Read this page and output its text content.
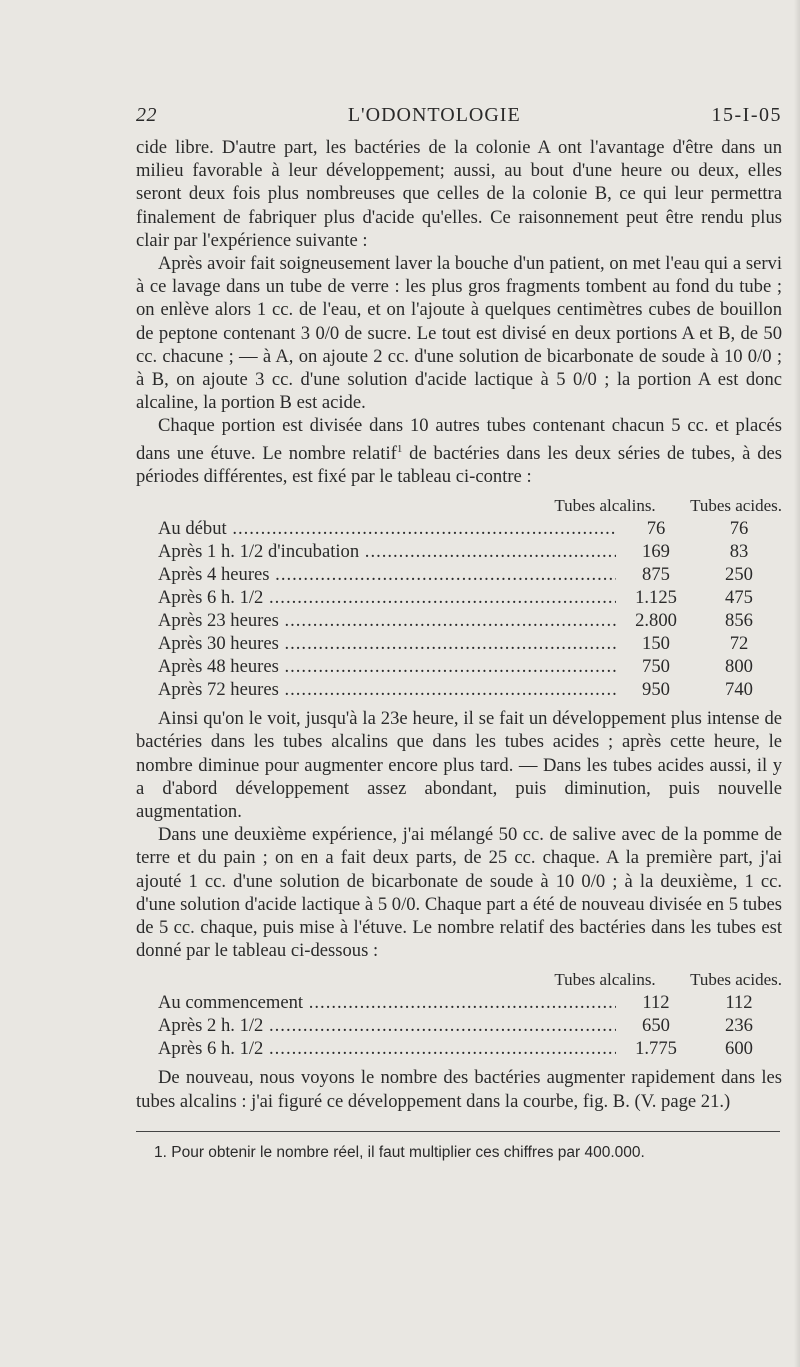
22	L'ODONTOLOGIE	15-I-05

cide libre. D'autre part, les bactéries de la colonie A ont l'avantage d'être dans un milieu favorable à leur développement; aussi, au bout d'une heure ou deux, elles seront deux fois plus nombreuses que celles de la colonie B, ce qui leur permettra finalement de fabriquer plus d'acide qu'elles. Ce raisonnement peut être rendu plus clair par l'expérience suivante :

Après avoir fait soigneusement laver la bouche d'un patient, on met l'eau qui a servi à ce lavage dans un tube de verre : les plus gros fragments tombent au fond du tube ; on enlève alors 1 cc. de l'eau, et on l'ajoute à quelques centimètres cubes de bouillon de peptone contenant 3 0/0 de sucre. Le tout est divisé en deux portions A et B, de 50 cc. chacune ; — à A, on ajoute 2 cc. d'une solution de bicarbonate de soude à 10 0/0 ; à B, on ajoute 3 cc. d'une solution d'acide lactique à 5 0/0 ; la portion A est donc alcaline, la portion B est acide.

Chaque portion est divisée dans 10 autres tubes contenant chacun 5 cc. et placés dans une étuve. Le nombre relatif$^1$ de bactéries dans les deux séries de tubes, à des périodes différentes, est fixé par le tableau ci-contre :

Tubes alcalins.	Tubes acides.
Au début .....	76	76
Après 1 h. 1/2 d'incubation .....	169	83
Après 4 heures .....	875	250
Après 6 h. 1/2 .....	1.125	475
Après 23 heures .....	2.800	856
Après 30 heures .....	150	72
Après 48 heures .....	750	800
Après 72 heures .....	950	740

Ainsi qu'on le voit, jusqu'à la 23e heure, il se fait un développement plus intense de bactéries dans les tubes alcalins que dans les tubes acides ; après cette heure, le nombre diminue pour augmenter encore plus tard. — Dans les tubes acides aussi, il y a d'abord développement assez abondant, puis diminution, puis nouvelle augmentation.

Dans une deuxième expérience, j'ai mélangé 50 cc. de salive avec de la pomme de terre et du pain ; on en a fait deux parts, de 25 cc. chaque. A la première part, j'ai ajouté 1 cc. d'une solution de bicarbonate de soude à 10 0/0 ; à la deuxième, 1 cc. d'une solution d'acide lactique à 5 0/0. Chaque part a été de nouveau divisée en 5 tubes de 5 cc. chaque, puis mise à l'étuve. Le nombre relatif des bactéries dans les tubes est donné par le tableau ci-dessous :

Tubes alcalins.	Tubes acides.
Au commencement .....	112	112
Après 2 h. 1/2 .....	650	236
Après 6 h. 1/2 .....	1.775	600

De nouveau, nous voyons le nombre des bactéries augmenter rapidement dans les tubes alcalins : j'ai figuré ce développement dans la courbe, fig. B. (V. page 21.)

1. Pour obtenir le nombre réel, il faut multiplier ces chiffres par 400.000.
